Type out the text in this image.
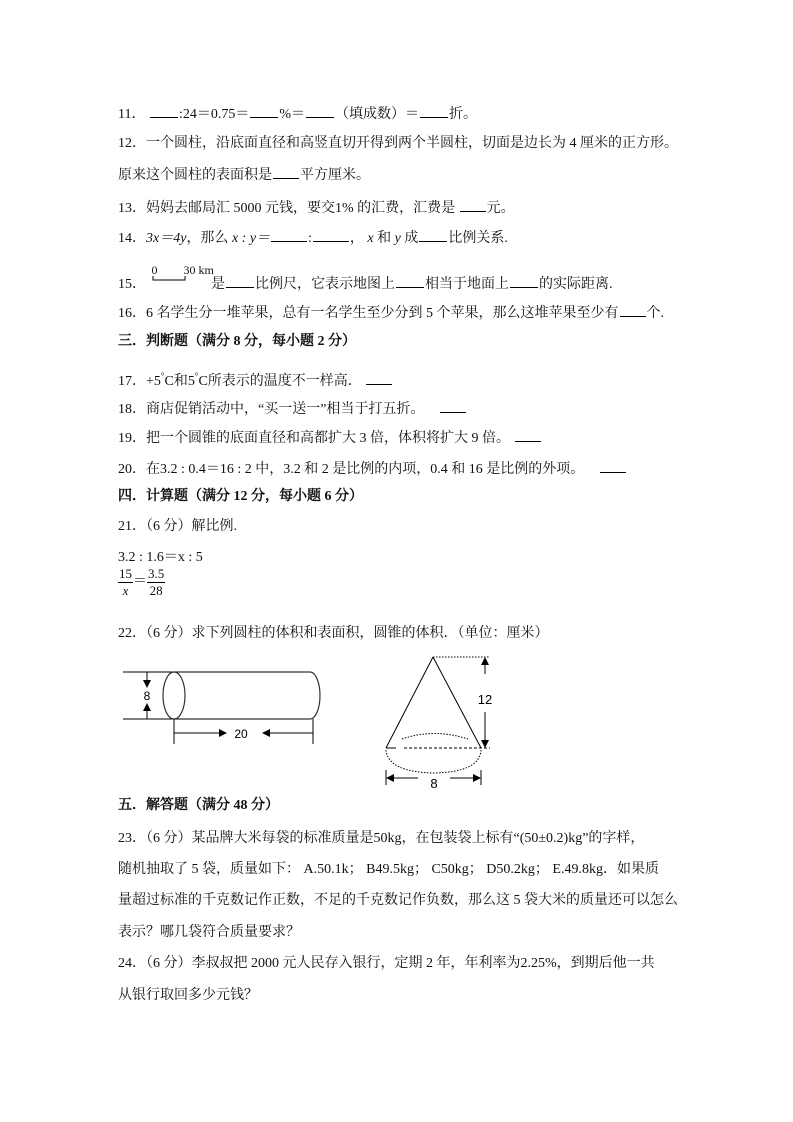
11． :24＝0.75＝ %＝ （填成数）＝ 折。
12．一个圆柱，沿底面直径和高竖直切开得到两个半圆柱，切面是边长为 4 厘米的正方形。
原来这个圆柱的表面积是 平方厘米。
13．妈妈去邮局汇 5000 元钱，要交1% 的汇费，汇费是 元。
14．3x＝4y，那么 x : y＝	:	， x 和 y 成 比例关系.
15．
0 30 km
是 比例尺，它表示地图上 相当于地面上 的实际距离.
16．6 名学生分一堆苹果，总有一名学生至少分到 5 个苹果，那么这堆苹果至少有 个.
三．判断题（满分 8 分，每小题 2 分）
17．+5°C和5°C所表示的温度不一样高．
18．商店促销活动中，“买一送一”相当于打五折。
19．把一个圆锥的底面直径和高都扩大 3 倍，体积将扩大 9 倍。
20．在3.2 : 0.4＝16 : 2 中，3.2 和 2 是比例的内项，0.4 和 16 是比例的外项。
四．计算题（满分 12 分，每小题 6 分）
21．（6 分）解比例.
3.2 : 1.6＝x : 5
$\frac{15}{x} = \frac{3.5}{28}$
22．（6 分）求下列圆柱的体积和表面积，圆锥的体积．（单位：厘米）
8
20
12
8
五．解答题（满分 48 分）
23．（6 分）某品牌大米每袋的标准质量是50kg，在包装袋上标有“(50±0.2)kg”的字样，
随机抽取了 5 袋，质量如下： A.50.1k； B49.5kg； C50kg； D50.2kg； E.49.8kg．如果质
量超过标准的千克数记作正数，不足的千克数记作负数，那么这 5 袋大米的质量还可以怎么
表示？哪几袋符合质量要求？
24．（6 分）李叔叔把 2000 元人民存入银行，定期 2 年，年利率为2.25%，到期后他一共
从银行取回多少元钱？
